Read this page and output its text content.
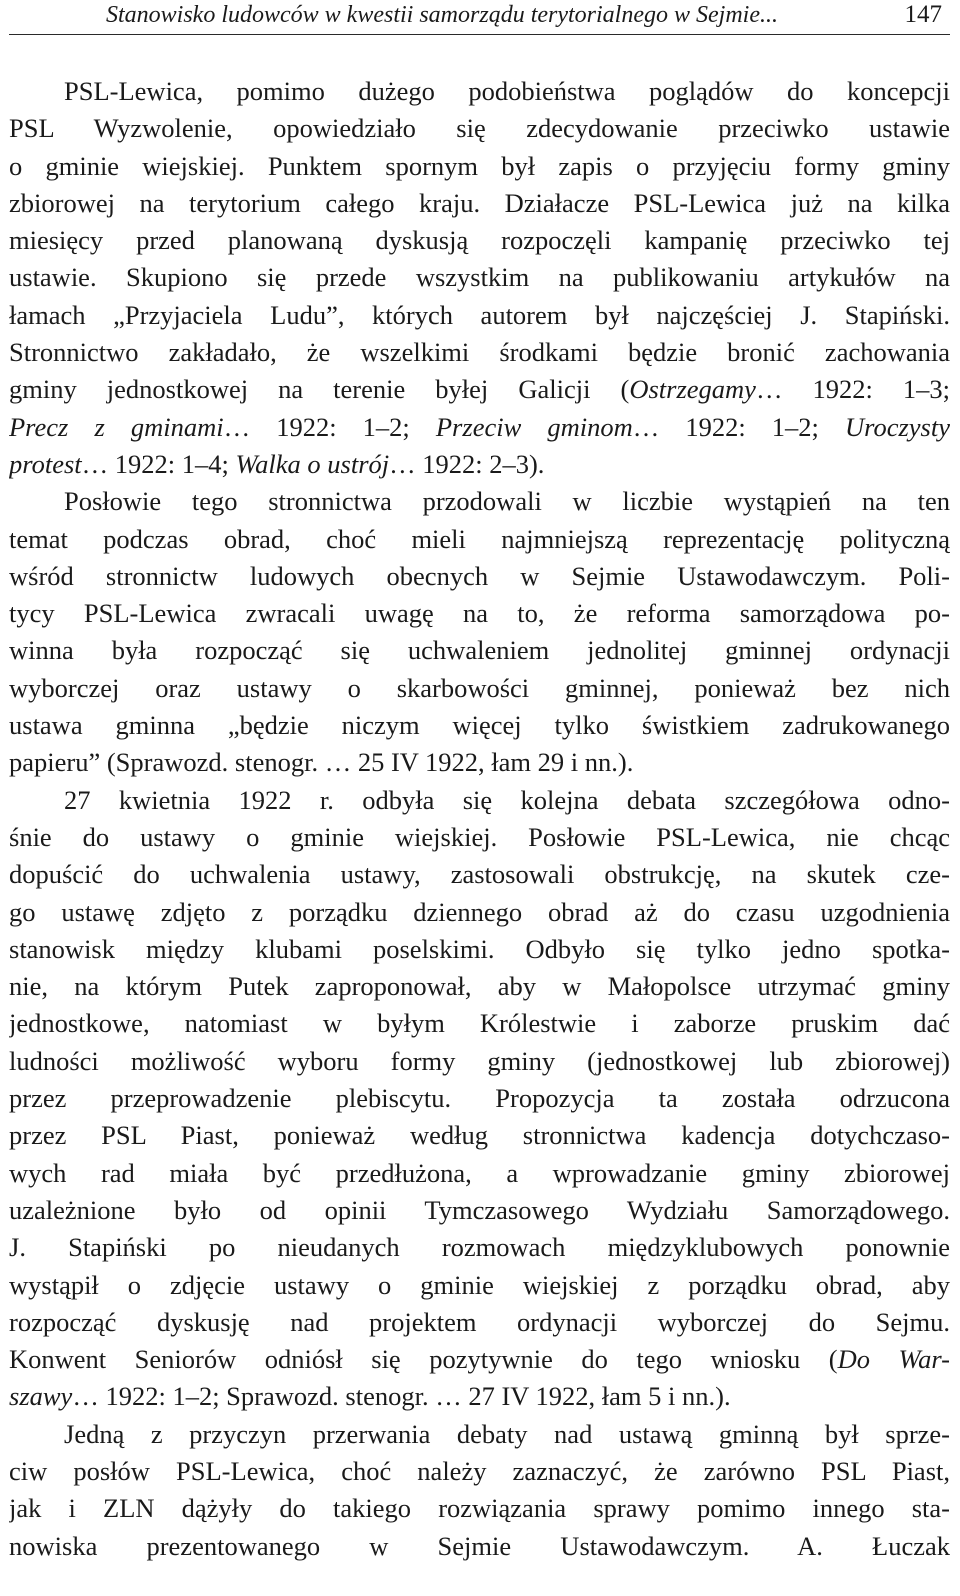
Stanowisko ludowców w kwestii samorządu terytorialnego w Sejmie...	147
PSL-Lewica, pomimo dużego podobieństwa poglądów do koncepcji
PSL Wyzwolenie, opowiedziało się zdecydowanie przeciwko ustawie
o gminie wiejskiej. Punktem spornym był zapis o przyjęciu formy gminy
zbiorowej na terytorium całego kraju. Działacze PSL-Lewica już na kilka
miesięcy przed planowaną dyskusją rozpoczęli kampanię przeciwko tej
ustawie. Skupiono się przede wszystkim na publikowaniu artykułów na
łamach „Przyjaciela Ludu”, których autorem był najczęściej J. Stapiński.
Stronnictwo zakładało, że wszelkimi środkami będzie bronić zachowania
gminy jednostkowej na terenie byłej Galicji (Ostrzegamy… 1922: 1–3;
Precz z gminami… 1922: 1–2; Przeciw gminom… 1922: 1–2; Uroczysty
protest… 1922: 1–4; Walka o ustrój… 1922: 2–3).
Posłowie tego stronnictwa przodowali w liczbie wystąpień na ten
temat podczas obrad, choć mieli najmniejszą reprezentację polityczną
wśród stronnictw ludowych obecnych w Sejmie Ustawodawczym. Poli-
tycy PSL-Lewica zwracali uwagę na to, że reforma samorządowa po-
winna była rozpocząć się uchwaleniem jednolitej gminnej ordynacji
wyborczej oraz ustawy o skarbowości gminnej, ponieważ bez nich
ustawa gminna „będzie niczym więcej tylko świstkiem zadrukowanego
papieru” (Sprawozd. stenogr. … 25 IV 1922, łam 29 i nn.).
27 kwietnia 1922 r. odbyła się kolejna debata szczegółowa odno-
śnie do ustawy o gminie wiejskiej. Posłowie PSL-Lewica, nie chcąc
dopuścić do uchwalenia ustawy, zastosowali obstrukcję, na skutek cze-
go ustawę zdjęto z porządku dziennego obrad aż do czasu uzgodnienia
stanowisk między klubami poselskimi. Odbyło się tylko jedno spotka-
nie, na którym Putek zaproponował, aby w Małopolsce utrzymać gminy
jednostkowe, natomiast w byłym Królestwie i zaborze pruskim dać
ludności możliwość wyboru formy gminy (jednostkowej lub zbiorowej)
przez przeprowadzenie plebiscytu. Propozycja ta została odrzucona
przez PSL Piast, ponieważ według stronnictwa kadencja dotychczaso-
wych rad miała być przedłużona, a wprowadzanie gminy zbiorowej
uzależnione było od opinii Tymczasowego Wydziału Samorządowego.
J. Stapiński po nieudanych rozmowach międzyklubowych ponownie
wystąpił o zdjęcie ustawy o gminie wiejskiej z porządku obrad, aby
rozpocząć dyskusję nad projektem ordynacji wyborczej do Sejmu.
Konwent Seniorów odniósł się pozytywnie do tego wniosku (Do War-
szawy… 1922: 1–2; Sprawozd. stenogr. … 27 IV 1922, łam 5 i nn.).
Jedną z przyczyn przerwania debaty nad ustawą gminną był sprze-
ciw posłów PSL-Lewica, choć należy zaznaczyć, że zarówno PSL Piast,
jak i ZLN dążyły do takiego rozwiązania sprawy pomimo innego sta-
nowiska prezentowanego w Sejmie Ustawodawczym. A. Łuczak
